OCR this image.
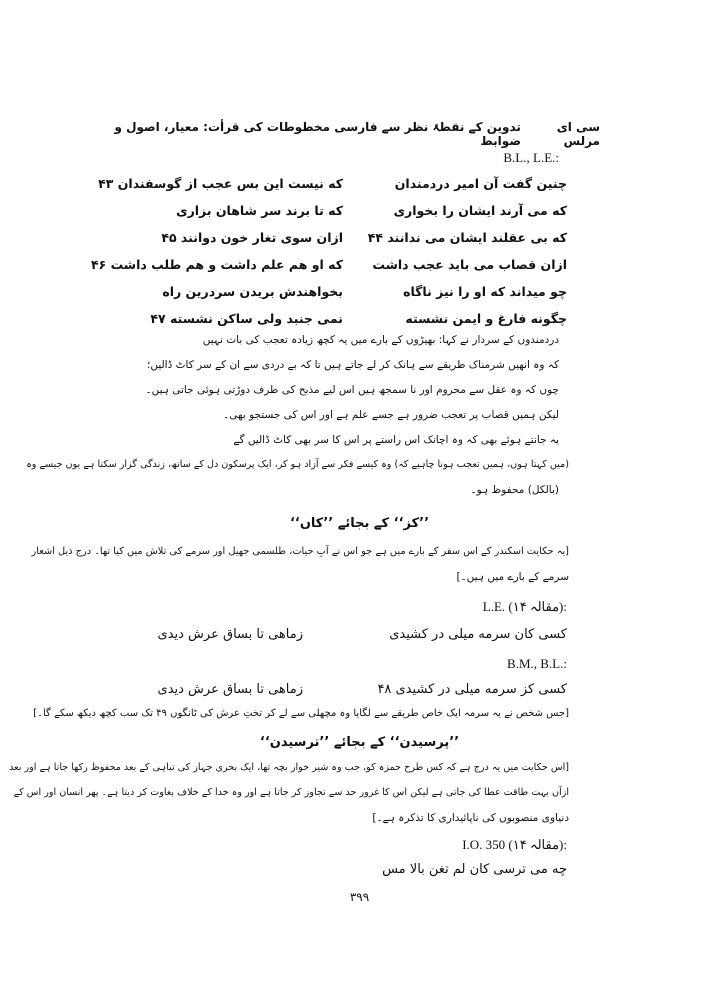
تدوین کے نقطۂ نظر سے فارسی مخطوطات کی قرأت: معیار، اصول و ضوابط
سی ای مرلس
B.L., L.E.:
چنین گفت آن امیر دردمندان
که نیست این بس عجب از گوسفندان ۴۳
که می آرند ایشان را بخواری
که تا برند سر شاهان بزاری
که بی عقلند ایشان می ندانند ۴۴
ازان سوی تغار خون دوانند ۴۵
ازان قصاب می باید عجب داشت
که او هم علم داشت و هم طلب داشت ۴۶
چو میداند که او را نیز ناگاه
بخواهندش بریدن سردرین راه
چگونه فارغ و ایمن نشسته
نمی جنبد ولی ساکن نشسته ۴۷
دردمندوں کے سردار نے کہا: بھیڑوں کے بارے میں یہ کچھ زیادہ تعجب کی بات نہیں
کہ وہ انھیں شرمناک طریقے سے ہانک کر لے جاتے ہیں تا کہ بے دردی سے ان کے سر کاٹ ڈالیں؛
چوں کہ وہ عقل سے محروم اور نا سمجھ ہیں اس لیے مذبح کی طرف دوڑتی ہوئی جاتی ہیں۔
لیکن ہمیں قصاب پر تعجب ضرور ہے جسے علم ہے اور اس کی جستجو بھی۔
یہ جانتے ہوئے بھی کہ وہ اچانک اس راستے پر اس کا سر بھی کاٹ ڈالیں گے
(میں کہتا ہوں، ہمیں تعجب ہونا چاہیے کہ) وہ کیسے فکر سے آزاد ہو کر، ایک پرسکون دل کے ساتھ، زندگی گزار سکتا ہے یوں جیسے وہ
(بالکل) محفوظ ہو۔
’’کز‘‘ کے بجائے ’’کاں‘‘
[یہ حکایت اسکندر کے اس سفر کے بارے میں ہے جو اس نے آبِ حیات، طلسمی جھیل اور سرمے کی تلاش میں کیا تھا۔ درج ذیل اشعار
سرمے کے بارے میں ہیں۔]
L.E. (مقالہ ۱۴):
کسی کان سرمه میلی در کشیدی
زماهی تا بساق عرش دیدی
B.M., B.L.:
کسی کز سرمه میلی در کشیدی ۴۸
زماهی تا بساق عرش دیدی
[جس شخص نے یہ سرمہ ایک خاص طریقے سے لگایا وہ مچھلی سے لے کر تختِ عرش کی ٹانگوں ۴۹ تک سب کچھ دیکھ سکے گا۔]
’’پرسیدن‘‘ کے بجائے ’’ترسیدن‘‘
[اس حکایت میں یہ درج ہے کہ کس طرح حمزہ کو، جب وہ شیر خوار بچہ تھا، ایک بحری جہاز کی تباہی کے بعد محفوظ رکھا جاتا ہے اور بعد
ازآں بہت طاقت عطا کی جاتی ہے لیکن اس کا غرور حد سے تجاوز کر جاتا ہے اور وہ خدا کے خلاف بغاوت کر دیتا ہے۔ پھر انسان اور اس کے
دنیاوی منصوبوں کی ناپائیداری کا تذکرہ ہے۔]
I.O. 350 (مقالہ ۱۴):
چه می ترسی کان لم تغن بالا مس
۳۹۹
